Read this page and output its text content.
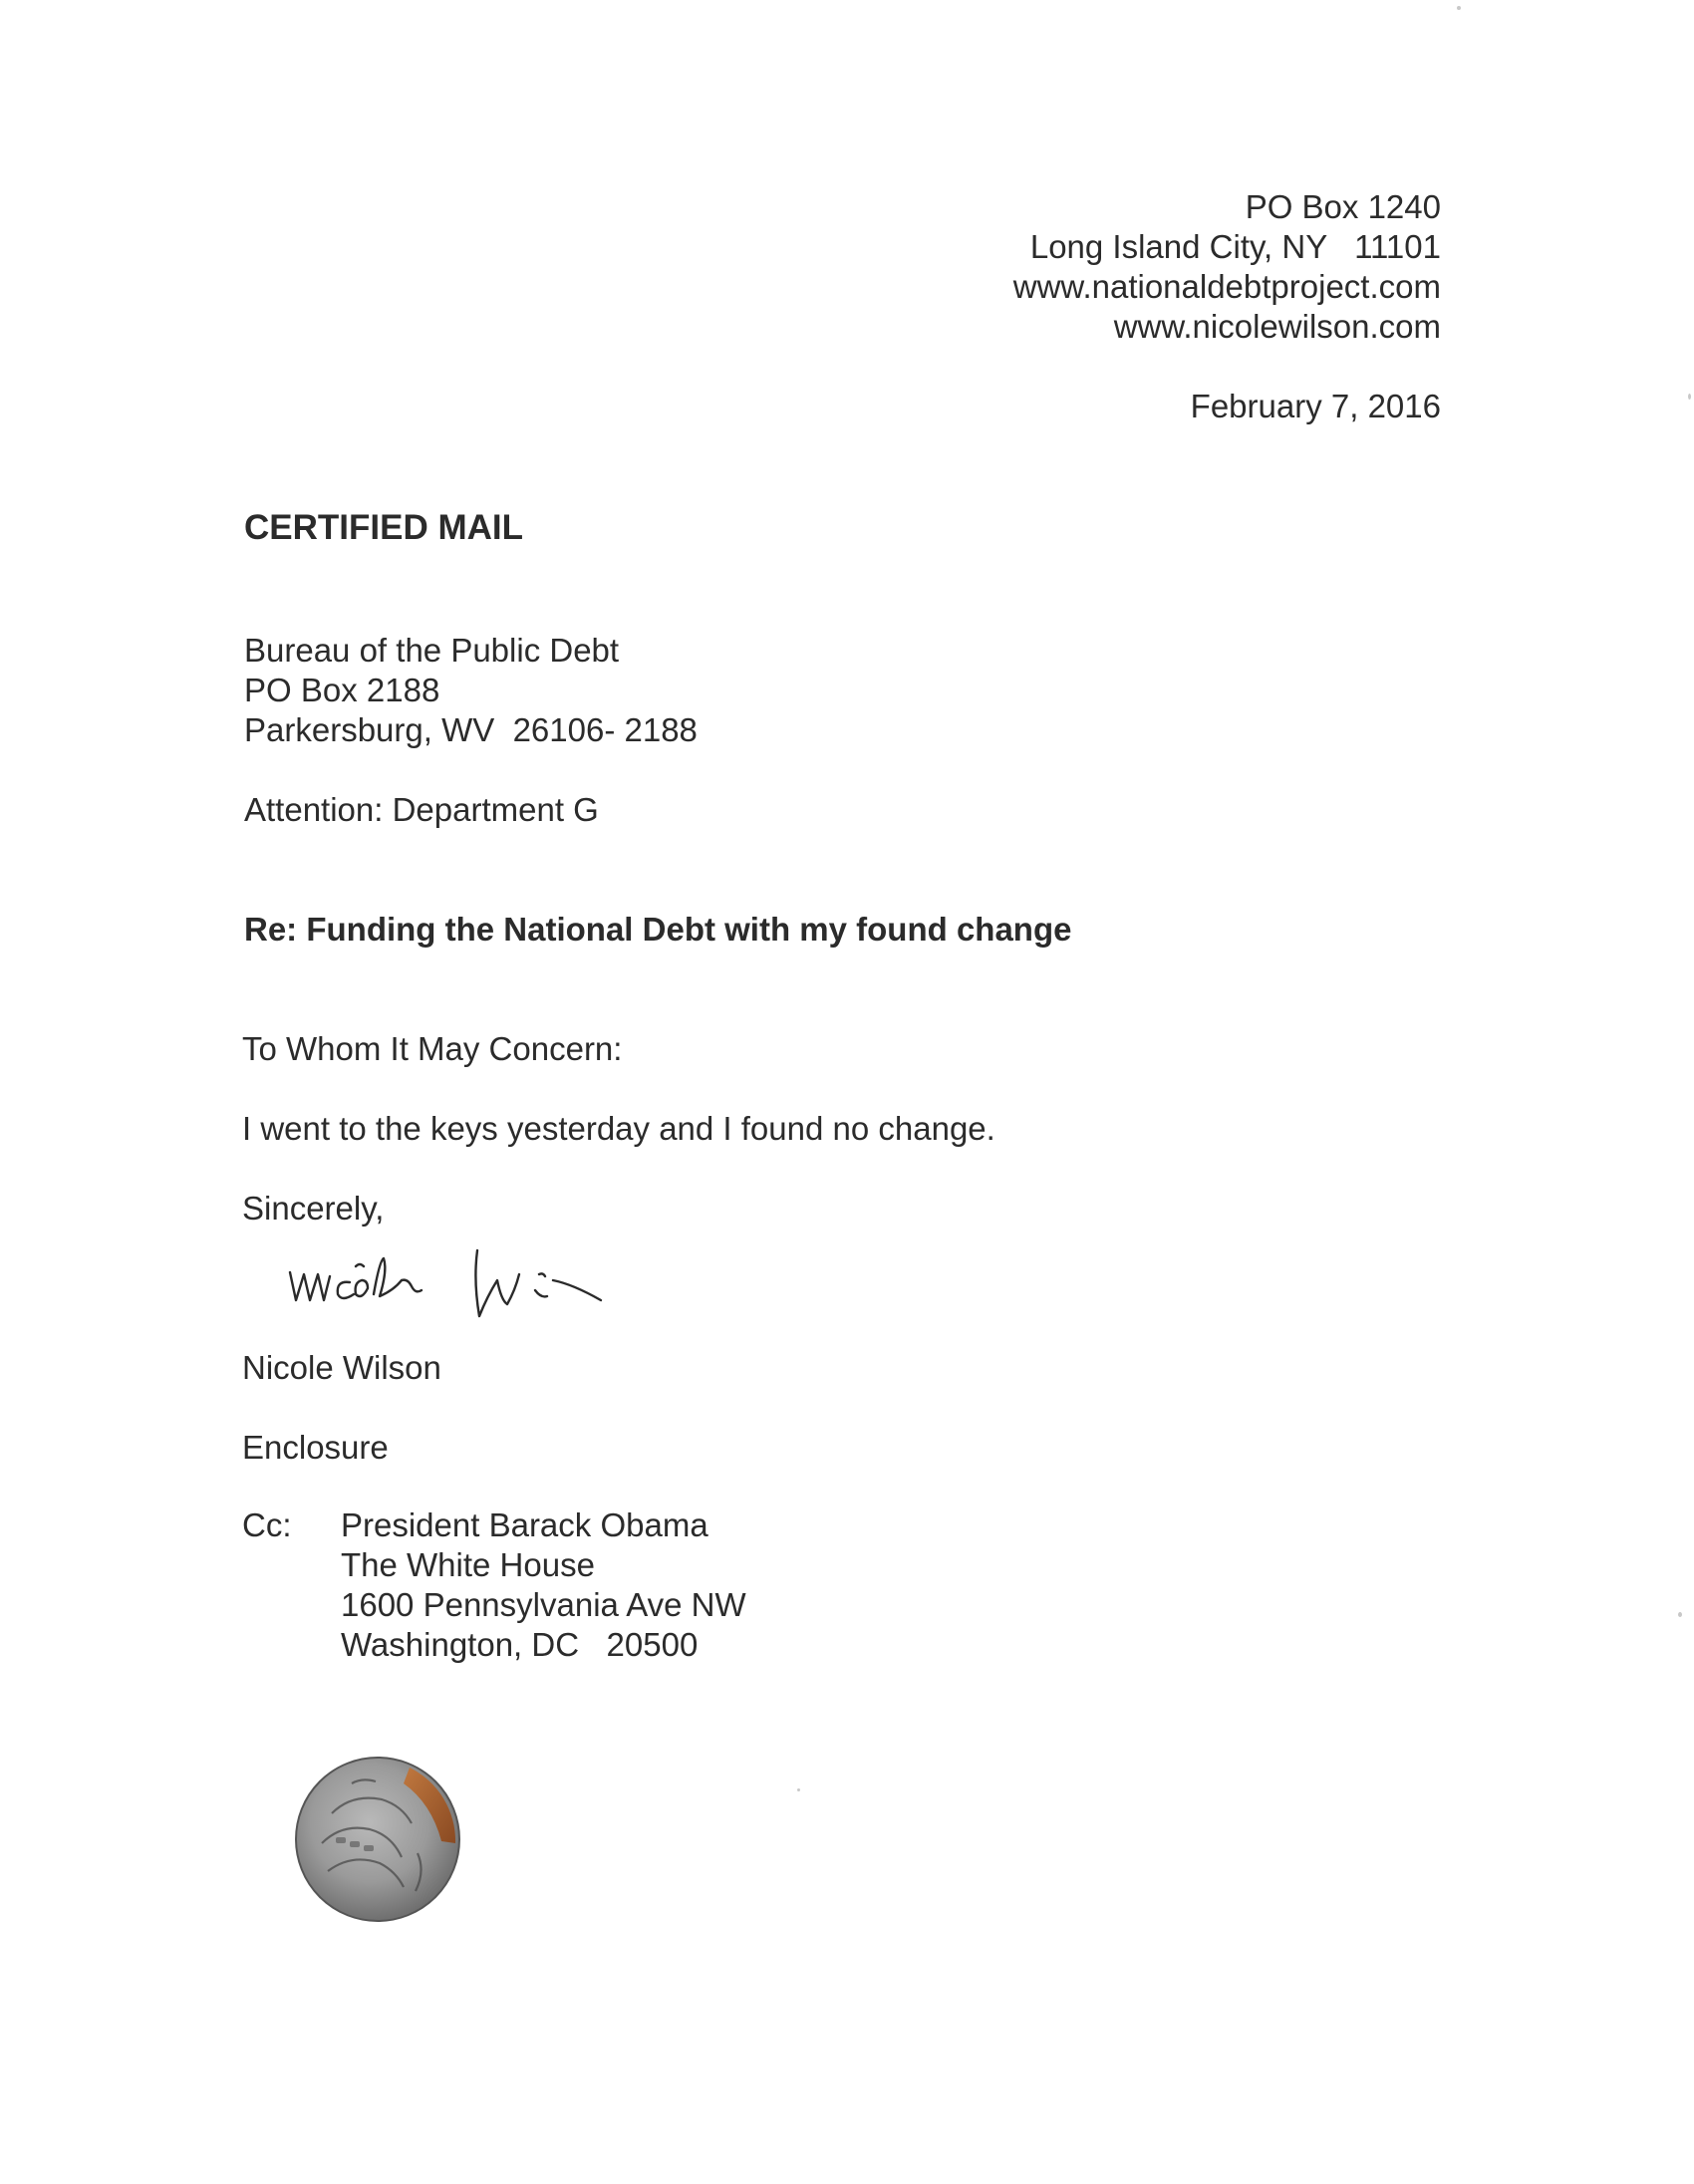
PO Box 1240
Long Island City, NY   11101
www.nationaldebtproject.com
www.nicolewilson.com
February 7, 2016
CERTIFIED MAIL
Bureau of the Public Debt
PO Box 2188
Parkersburg, WV  26106- 2188
Attention: Department G
Re: Funding the National Debt with my found change
To Whom It May Concern:
I went to the keys yesterday and I found no change.
Sincerely,
Nicole Wilson
Enclosure
Cc: President Barack Obama
The White House
1600 Pennsylvania Ave NW
Washington, DC   20500
